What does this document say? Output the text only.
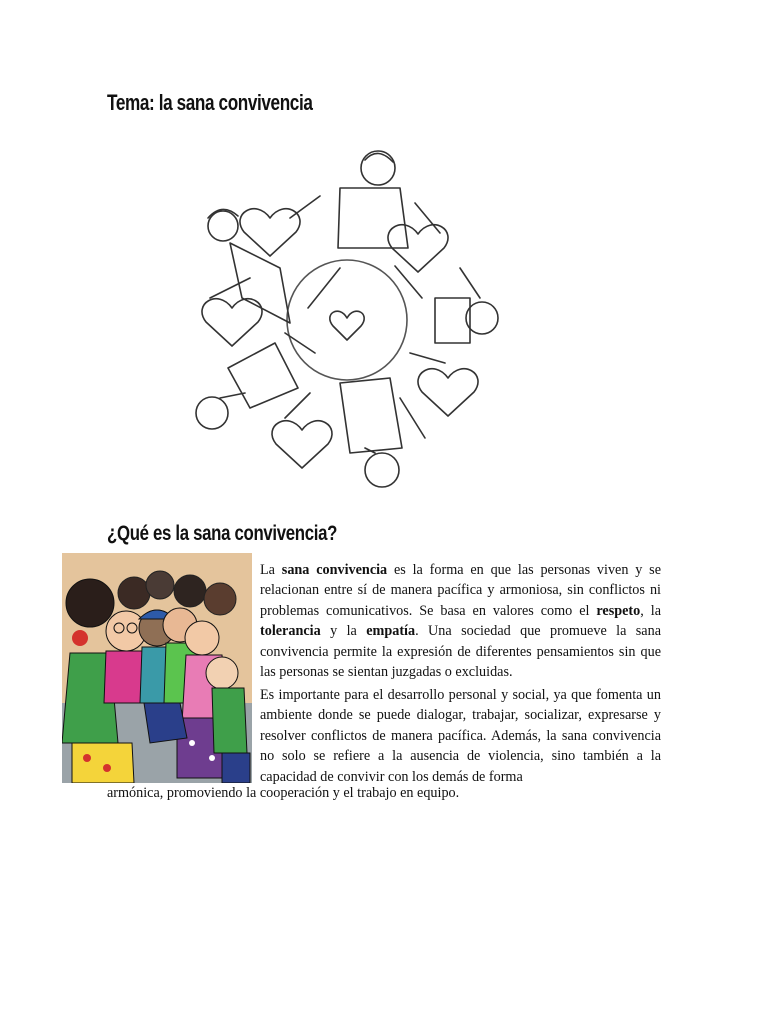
Tema: la sana convivencia
¿Qué es la sana convivencia?

La sana convivencia es la forma en que las personas viven y se relacionan entre sí de manera pacífica y armoniosa, sin conflictos ni problemas comunicativos. Se basa en valores como el respeto, la tolerancia y la empatía. Una sociedad que promueve la sana convivencia permite la expresión de diferentes pensamientos sin que las personas se sientan juzgadas o excluidas.

Es importante para el desarrollo personal y social, ya que fomenta un ambiente donde se puede dialogar, trabajar, socializar, expresarse y resolver conflictos de manera pacífica. Además, la sana convivencia no solo se refiere a la ausencia de violencia, sino también a la capacidad de convivir con los demás de forma

armónica, promoviendo la cooperación y el trabajo en equipo.
